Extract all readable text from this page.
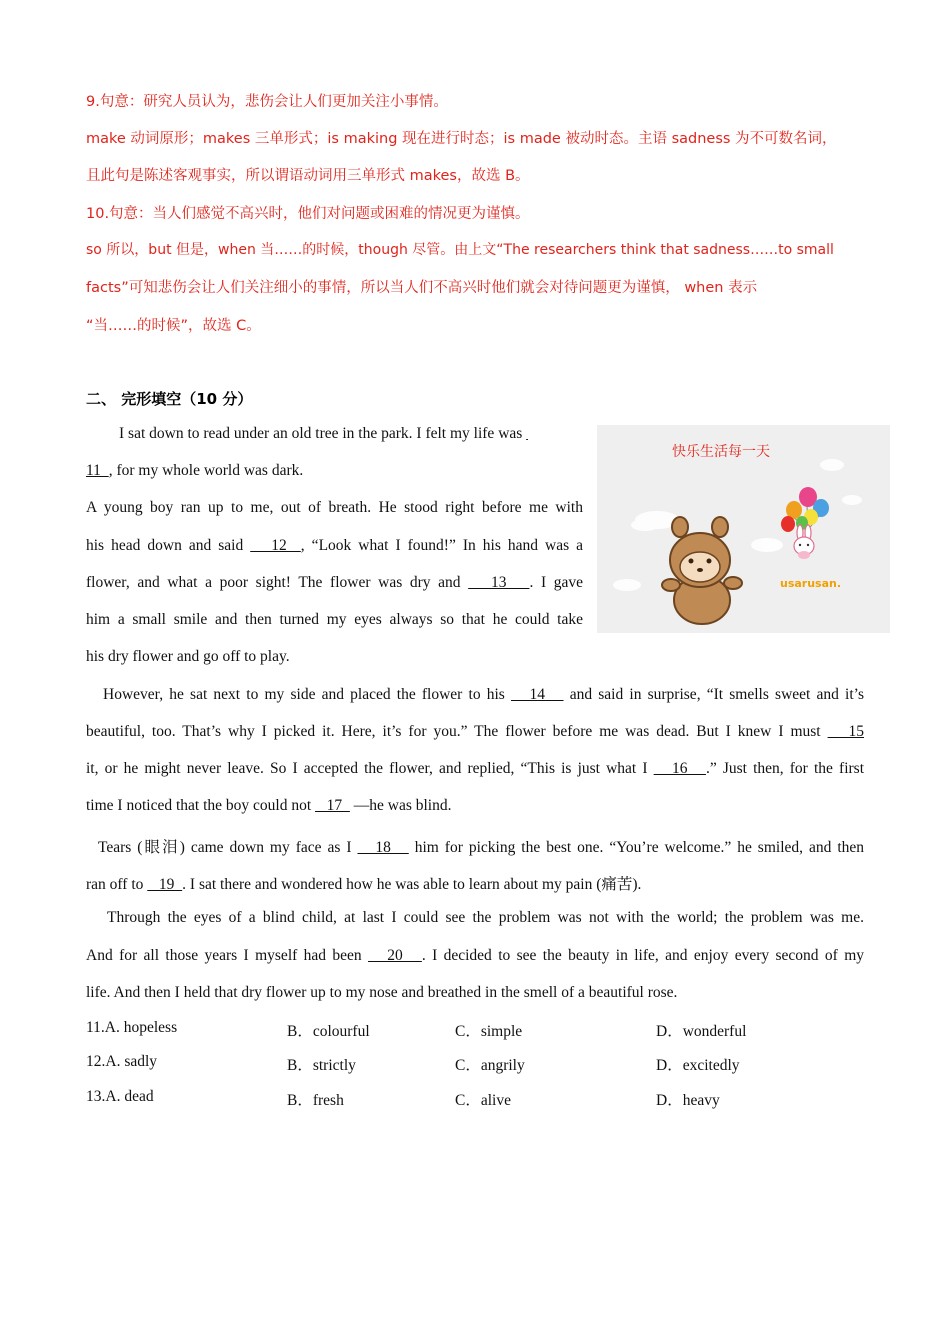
9.句意：研究人员认为，悲伤会让人们更加关注小事情。
make 动词原形；makes 三单形式；is making 现在进行时态；is made 被动时态。主语 sadness 为不可数名词，
且此句是陈述客观事实，所以谓语动词用三单形式 makes，故选 B。
10.句意：当人们感觉不高兴时，他们对问题或困难的情况更为谨慎。
so 所以，but 但是，when 当……的时候，though 尽管。由上文“The researchers think that sadness……to small
facts”可知悲伤会让人们关注细小的事情，所以当人们不高兴时他们就会对待问题更为谨慎， when 表示
“当……的时候”，故选 C。
二、 完形填空（10 分）
快乐生活每一天
usarusan.
I sat down to read under an old tree in the park. I felt my life was
11  , for my whole world was dark.
A young boy ran up to me, out of breath. He stood right before me with
his head down and said    12  , “Look what I found!” In his hand was a
flower, and what a poor sight! The flower was dry and    13   . I gave
him a small smile and then turned my eyes always so that he could take
his dry flower and go off to play.
However, he sat next to my side and placed the flower to his    14    and said in surprise, “It smells sweet and it’s
beautiful, too. That’s why I picked it. Here, it’s for you.” The flower before me was dead. But I knew I must    15
it, or he might never leave. So I accepted the flower, and replied, “This is just what I    16   .” Just then, for the first
time I noticed that the boy could not    17   —he was blind.
Tears (眼泪) came down my face as I    18    him for picking the best one. “You’re welcome.” he smiled, and then
ran off to    19  . I sat there and wondered how he was able to learn about my pain (痛苦).
Through the eyes of a blind child, at last I could see the problem was not with the world; the problem was me.
And for all those years I myself had been    20   . I decided to see the beauty in life, and enjoy every second of my
life. And then I held that dry flower up to my nose and breathed in the smell of a beautiful rose.
11.A. hopeless	B．colourful	C．simple	D．wonderful
12.A. sadly	B．strictly	C．angrily	D．excitedly
13.A. dead	B．fresh	C．alive	D．heavy
